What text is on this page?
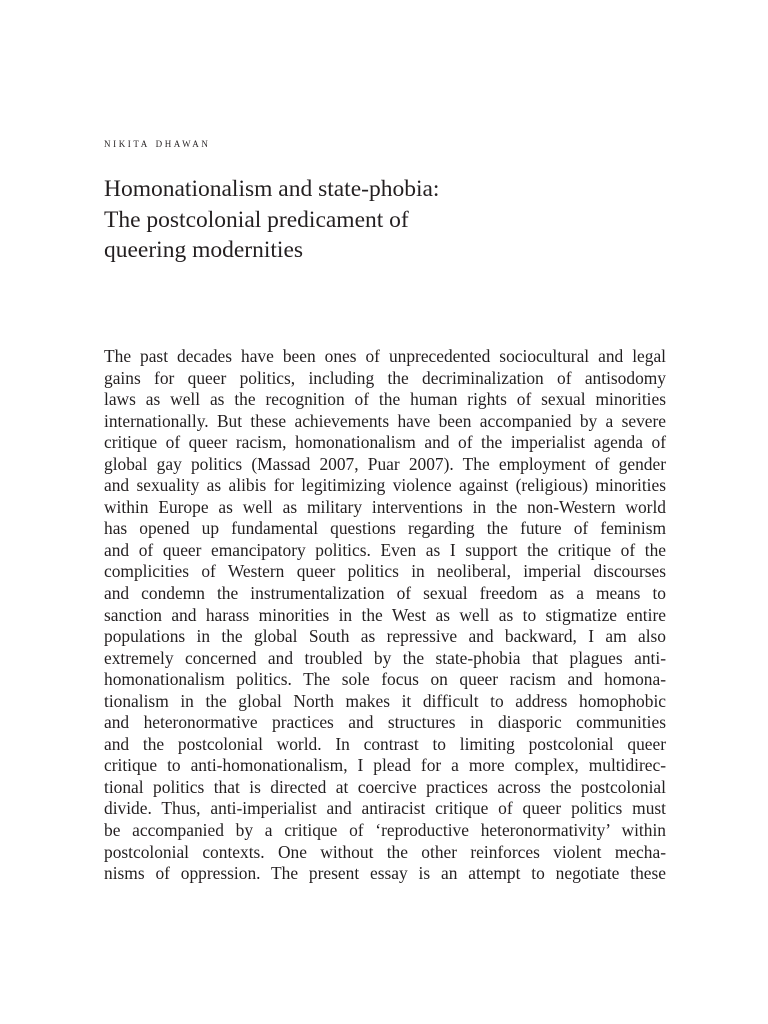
nikita dhawan
Homonationalism and state-phobia:
The postcolonial predicament of
queering modernities
The past decades have been ones of unprecedented sociocultural and legal
gains for queer politics, including the decriminalization of antisodomy
laws as well as the recognition of the human rights of sexual minorities
internationally. But these achievements have been accompanied by a severe
critique of queer racism, homonationalism and of the imperialist agenda of
global gay politics (Massad 2007, Puar 2007). The employment of gender
and sexuality as alibis for legitimizing violence against (religious) minorities
within Europe as well as military interventions in the non-Western world
has opened up fundamental questions regarding the future of feminism
and of queer emancipatory politics. Even as I support the critique of the
complicities of Western queer politics in neoliberal, imperial discourses
and condemn the instrumentalization of sexual freedom as a means to
sanction and harass minorities in the West as well as to stigmatize entire
populations in the global South as repressive and backward, I am also
extremely concerned and troubled by the state-phobia that plagues anti-
homonationalism politics. The sole focus on queer racism and homona-
tionalism in the global North makes it difficult to address homophobic
and heteronormative practices and structures in diasporic communities
and the postcolonial world. In contrast to limiting postcolonial queer
critique to anti-homonationalism, I plead for a more complex, multidirec-
tional politics that is directed at coercive practices across the postcolonial
divide. Thus, anti-imperialist and antiracist critique of queer politics must
be accompanied by a critique of ‘reproductive heteronormativity’ within
postcolonial contexts. One without the other reinforces violent mecha-
nisms of oppression. The present essay is an attempt to negotiate these
